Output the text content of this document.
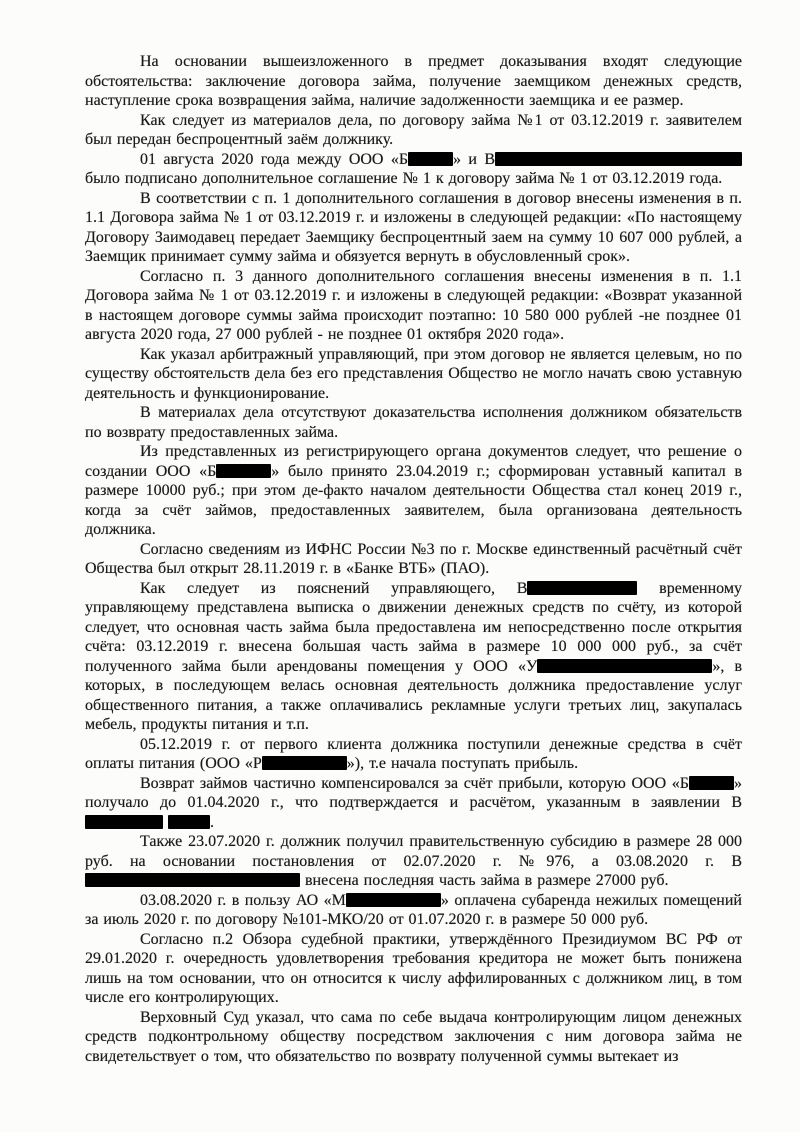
На основании вышеизложенного в предмет доказывания входят следующие обстоятельства: заключение договора займа, получение заемщиком денежных средств, наступление срока возвращения займа, наличие задолженности заемщика и ее размер.

Как следует из материалов дела, по договору займа №1 от 03.12.2019 г. заявителем был передан беспроцентный заём должнику.

01 августа 2020 года между ООО «Б	» и В было подписано дополнительное соглашение № 1 к договору займа № 1 от 03.12.2019 года.

В соответствии с п. 1 дополнительного соглашения в договор внесены изменения в п. 1.1 Договора займа № 1 от 03.12.2019 г. и изложены в следующей редакции: «По настоящему Договору Заимодавец передает Заемщику беспроцентный заем на сумму 10 607 000 рублей, а Заемщик принимает сумму займа и обязуется вернуть в обусловленный срок».

Согласно п. 3 данного дополнительного соглашения внесены изменения в п. 1.1 Договора займа № 1 от 03.12.2019 г. и изложены в следующей редакции: «Возврат указанной в настоящем договоре суммы займа происходит поэтапно: 10 580 000 рублей -не позднее 01 августа 2020 года, 27 000 рублей - не позднее 01 октября 2020 года».

Как указал арбитражный управляющий, при этом договор не является целевым, но по существу обстоятельств дела без его представления Общество не могло начать свою уставную деятельность и функционирование.

В материалах дела отсутствуют доказательства исполнения должником обязательств по возврату предоставленных займа.

Из представленных из регистрирующего органа документов следует, что решение о создании ООО «Б	» было принято 23.04.2019 г.; сформирован уставный капитал в размере 10000 руб.; при этом де-факто началом деятельности Общества стал конец 2019 г., когда за счёт займов, предоставленных заявителем, была организована деятельность должника.

Согласно сведениям из ИФНС России №3 по г. Москве единственный расчётный счёт Общества был открыт 28.11.2019 г. в «Банке ВТБ» (ПАО).

Как следует из пояснений управляющего, В	временному управляющему представлена выписка о движении денежных средств по счёту, из которой следует, что основная часть займа была предоставлена им непосредственно после открытия счёта: 03.12.2019 г. внесена большая часть займа в размере 10 000 000 руб., за счёт полученного займа были арендованы помещения у ООО «У	», в которых, в последующем велась основная деятельность должника предоставление услуг общественного питания, а также оплачивались рекламные услуги третьих лиц, закупалась мебель, продукты питания и т.п.

05.12.2019 г. от первого клиента должника поступили денежные средства в счёт оплаты питания (ООО «Р	»), т.е начала поступать прибыль.

Возврат займов частично компенсировался за счёт прибыли, которую ООО «Б	» получало до 01.04.2020 г., что подтверждается и расчётом, указанным в заявлении В .

Также 23.07.2020 г. должник получил правительственную субсидию в размере 28 000 руб. на основании постановления от 02.07.2020 г. №976, а 03.08.2020 г. В внесена последняя часть займа в размере 27000 руб.

03.08.2020 г. в пользу АО «М	» оплачена субаренда нежилых помещений за июль 2020 г. по договору №101-МКО/20 от 01.07.2020 г. в размере 50 000 руб.

Согласно п.2 Обзора судебной практики, утверждённого Президиумом ВС РФ от 29.01.2020 г. очередность удовлетворения требования кредитора не может быть понижена лишь на том основании, что он относится к числу аффилированных с должником лиц, в том числе его контролирующих.

Верховный Суд указал, что сама по себе выдача контролирующим лицом денежных средств подконтрольному обществу посредством заключения с ним договора займа не свидетельствует о том, что обязательство по возврату полученной суммы вытекает из
